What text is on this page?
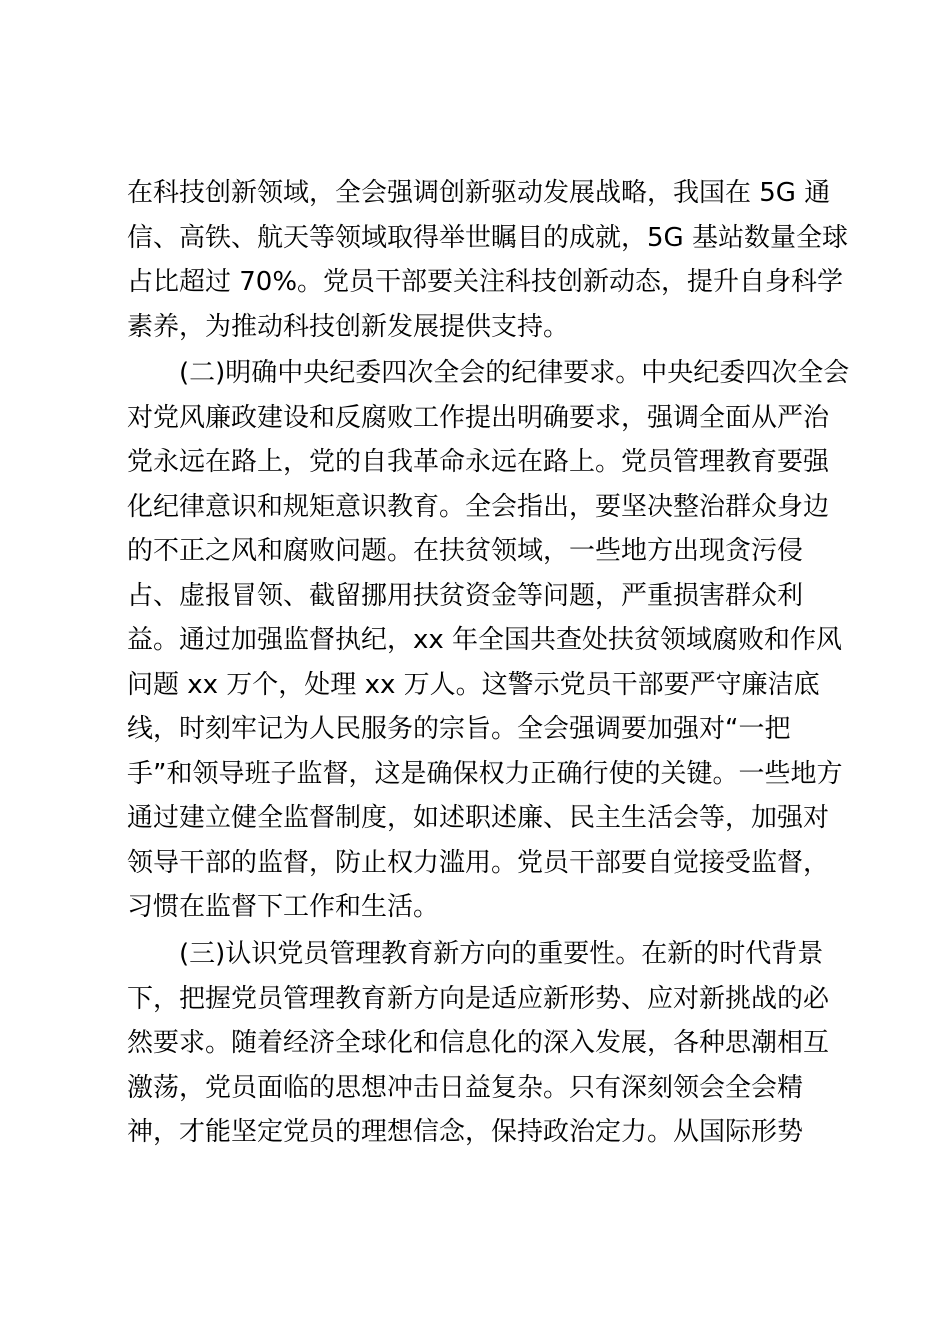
在科技创新领域，全会强调创新驱动发展战略，我国在 5G 通
信、高铁、航天等领域取得举世瞩目的成就，5G 基站数量全球
占比超过 70%。党员干部要关注科技创新动态，提升自身科学
素养，为推动科技创新发展提供支持。
(二)明确中央纪委四次全会的纪律要求。中央纪委四次全会
对党风廉政建设和反腐败工作提出明确要求，强调全面从严治
党永远在路上，党的自我革命永远在路上。党员管理教育要强
化纪律意识和规矩意识教育。全会指出，要坚决整治群众身边
的不正之风和腐败问题。在扶贫领域，一些地方出现贪污侵
占、虚报冒领、截留挪用扶贫资金等问题，严重损害群众利
益。通过加强监督执纪，xx 年全国共查处扶贫领域腐败和作风
问题 xx 万个，处理 xx 万人。这警示党员干部要严守廉洁底
线，时刻牢记为人民服务的宗旨。全会强调要加强对“一把
手”和领导班子监督，这是确保权力正确行使的关键。一些地方
通过建立健全监督制度，如述职述廉、民主生活会等，加强对
领导干部的监督，防止权力滥用。党员干部要自觉接受监督，
习惯在监督下工作和生活。
(三)认识党员管理教育新方向的重要性。在新的时代背景
下，把握党员管理教育新方向是适应新形势、应对新挑战的必
然要求。随着经济全球化和信息化的深入发展，各种思潮相互
激荡，党员面临的思想冲击日益复杂。只有深刻领会全会精
神，才能坚定党员的理想信念，保持政治定力。从国际形势
